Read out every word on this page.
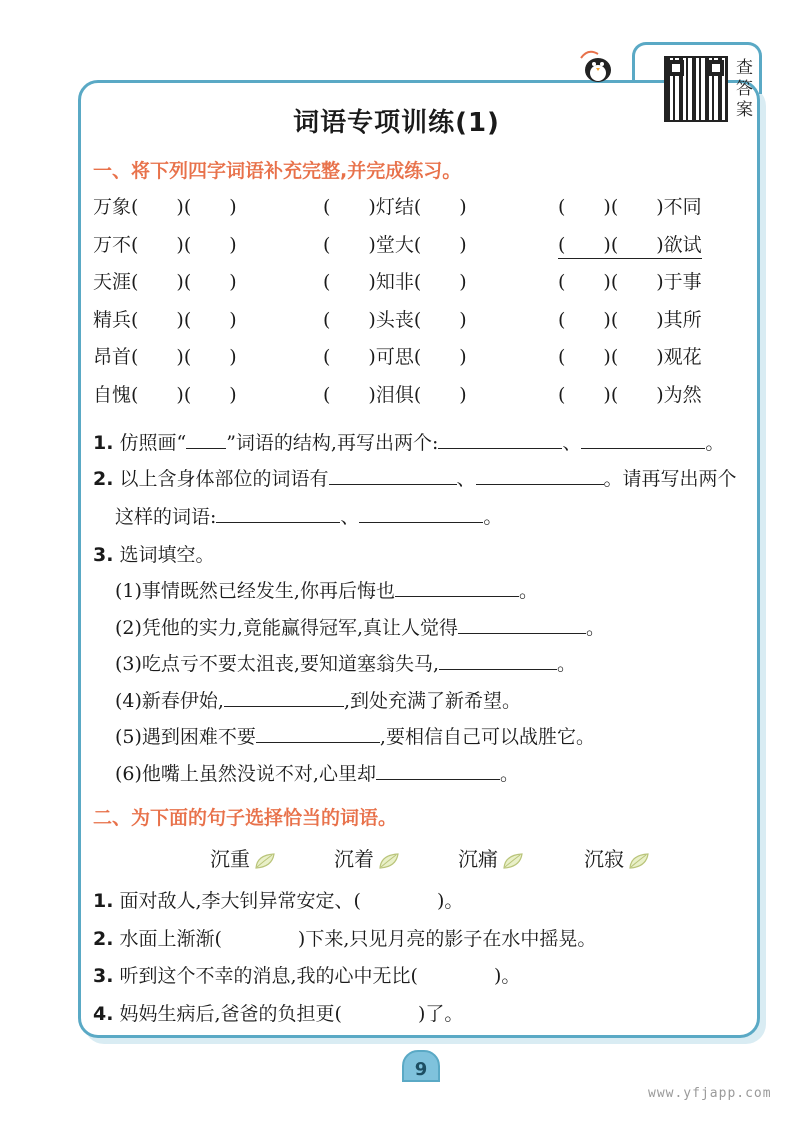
查答案
词语专项训练(1)
一、将下列四字词语补充完整,并完成练习。
万象(　　)(　　)	(　　)灯结(　　)	(　　)(　　)不同
万不(　　)(　　)	(　　)堂大(　　)	(　　)(　　)欲试
天涯(　　)(　　)	(　　)知非(　　)	(　　)(　　)于事
精兵(　　)(　　)	(　　)头丧(　　)	(　　)(　　)其所
昂首(　　)(　　)	(　　)可思(　　)	(　　)(　　)观花
自愧(　　)(　　)	(　　)泪俱(　　)	(　　)(　　)为然
1. 仿照画“ ”词语的结构,再写出两个:	、	。
2. 以上含身体部位的词语有	、	。请再写出两个
这样的词语:	、	。
3. 选词填空。
(1)事情既然已经发生,你再后悔也	。
(2)凭他的实力,竟能赢得冠军,真让人觉得	。
(3)吃点亏不要太沮丧,要知道塞翁失马,	。
(4)新春伊始,	,到处充满了新希望。
(5)遇到困难不要	,要相信自己可以战胜它。
(6)他嘴上虽然没说不对,心里却	。
二、为下面的句子选择恰当的词语。
沉重	沉着	沉痛	沉寂
1. 面对敌人,李大钊异常安定、(　　　　)。
2. 水面上渐渐(　　　　)下来,只见月亮的影子在水中摇晃。
3. 听到这个不幸的消息,我的心中无比(　　　　)。
4. 妈妈生病后,爸爸的负担更(　　　　)了。
9
www.yfjapp.com
